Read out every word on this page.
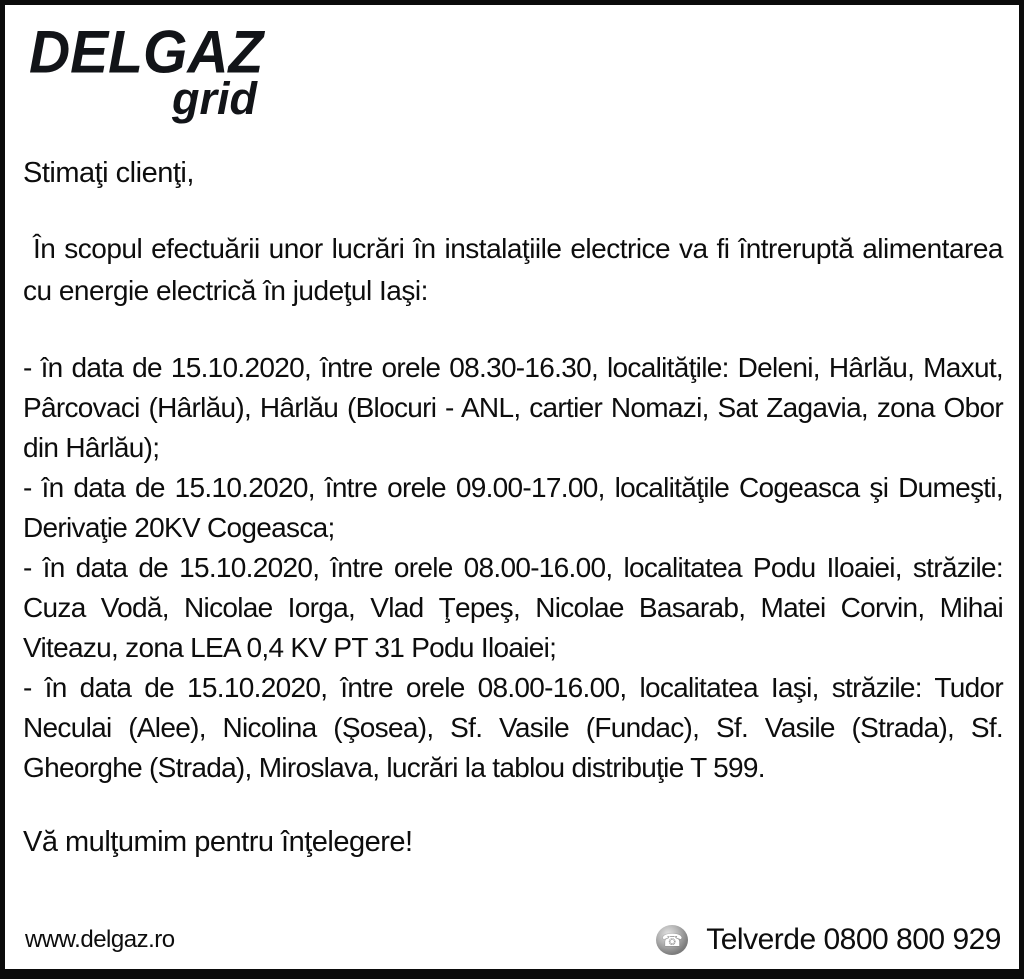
DELGAZ
grid

Stimaţi clienţi,

În scopul efectuării unor lucrări în instalaţiile electrice va fi întreruptă alimentarea cu energie electrică în judeţul Iaşi:

- în data de 15.10.2020, între orele 08.30-16.30, localităţile: Deleni, Hârlău, Maxut, Pârcovaci (Hârlău), Hârlău (Blocuri - ANL, cartier Nomazi, Sat Zagavia, zona Obor din Hârlău);

- în data de 15.10.2020, între orele 09.00-17.00, localităţile Cogeasca şi Dumeşti, Derivaţie 20KV Cogeasca;

- în data de 15.10.2020, între orele 08.00-16.00, localitatea Podu Iloaiei, străzile: Cuza Vodă, Nicolae Iorga, Vlad Ţepeş, Nicolae Basarab, Matei Corvin, Mihai Viteazu, zona LEA 0,4 KV PT 31 Podu Iloaiei;

- în data de 15.10.2020, între orele 08.00-16.00, localitatea Iaşi, străzile: Tudor Neculai (Alee), Nicolina (Şosea), Sf. Vasile (Fundac), Sf. Vasile (Strada), Sf. Gheorghe (Strada), Miroslava, lucrări la tablou distribuţie T 599.

Vă mulţumim pentru înţelegere!

www.delgaz.ro	☎ Telverde 0800 800 929
